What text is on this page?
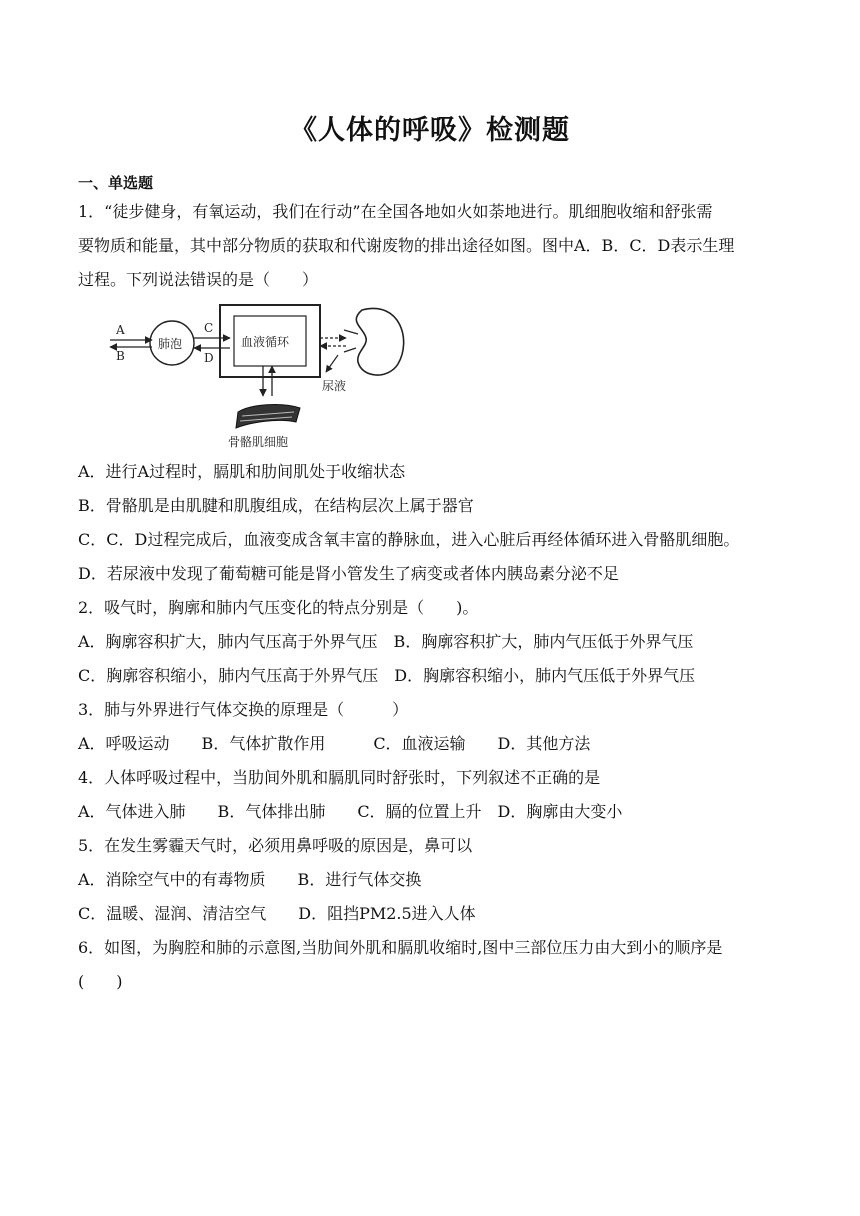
《人体的呼吸》检测题
一、单选题
1．“徒步健身，有氧运动，我们在行动”在全国各地如火如荼地进行。肌细胞收缩和舒张需
要物质和能量，其中部分物质的获取和代谢废物的排出途径如图。图中A．B．C．D表示生理
过程。下列说法错误的是（　　）
A
B
肺泡
C
D
血液循环
尿液
骨骼肌细胞
A．进行A过程时，膈肌和肋间肌处于收缩状态
B．骨骼肌是由肌腱和肌腹组成，在结构层次上属于器官
C．C．D过程完成后，血液变成含氧丰富的静脉血，进入心脏后再经体循环进入骨骼肌细胞。
D．若尿液中发现了葡萄糖可能是肾小管发生了病变或者体内胰岛素分泌不足
2．吸气时，胸廓和肺内气压变化的特点分别是（　　)。
A．胸廓容积扩大，肺内气压高于外界气压　B．胸廓容积扩大，肺内气压低于外界气压
C．胸廓容积缩小，肺内气压高于外界气压　D．胸廓容积缩小，肺内气压低于外界气压
3．肺与外界进行气体交换的原理是（　　　）
A．呼吸运动　　B．气体扩散作用　　　C．血液运输　　D．其他方法
4．人体呼吸过程中，当肋间外肌和膈肌同时舒张时，下列叙述不正确的是
A．气体进入肺　　B．气体排出肺　　C．膈的位置上升　D．胸廓由大变小
5．在发生雾霾天气时，必须用鼻呼吸的原因是，鼻可以
A．消除空气中的有毒物质　　B．进行气体交换
C．温暖、湿润、清洁空气　　D．阻挡PM2.5进入人体
6．如图，为胸腔和肺的示意图,当肋间外肌和膈肌收缩时,图中三部位压力由大到小的顺序是
(　　)
